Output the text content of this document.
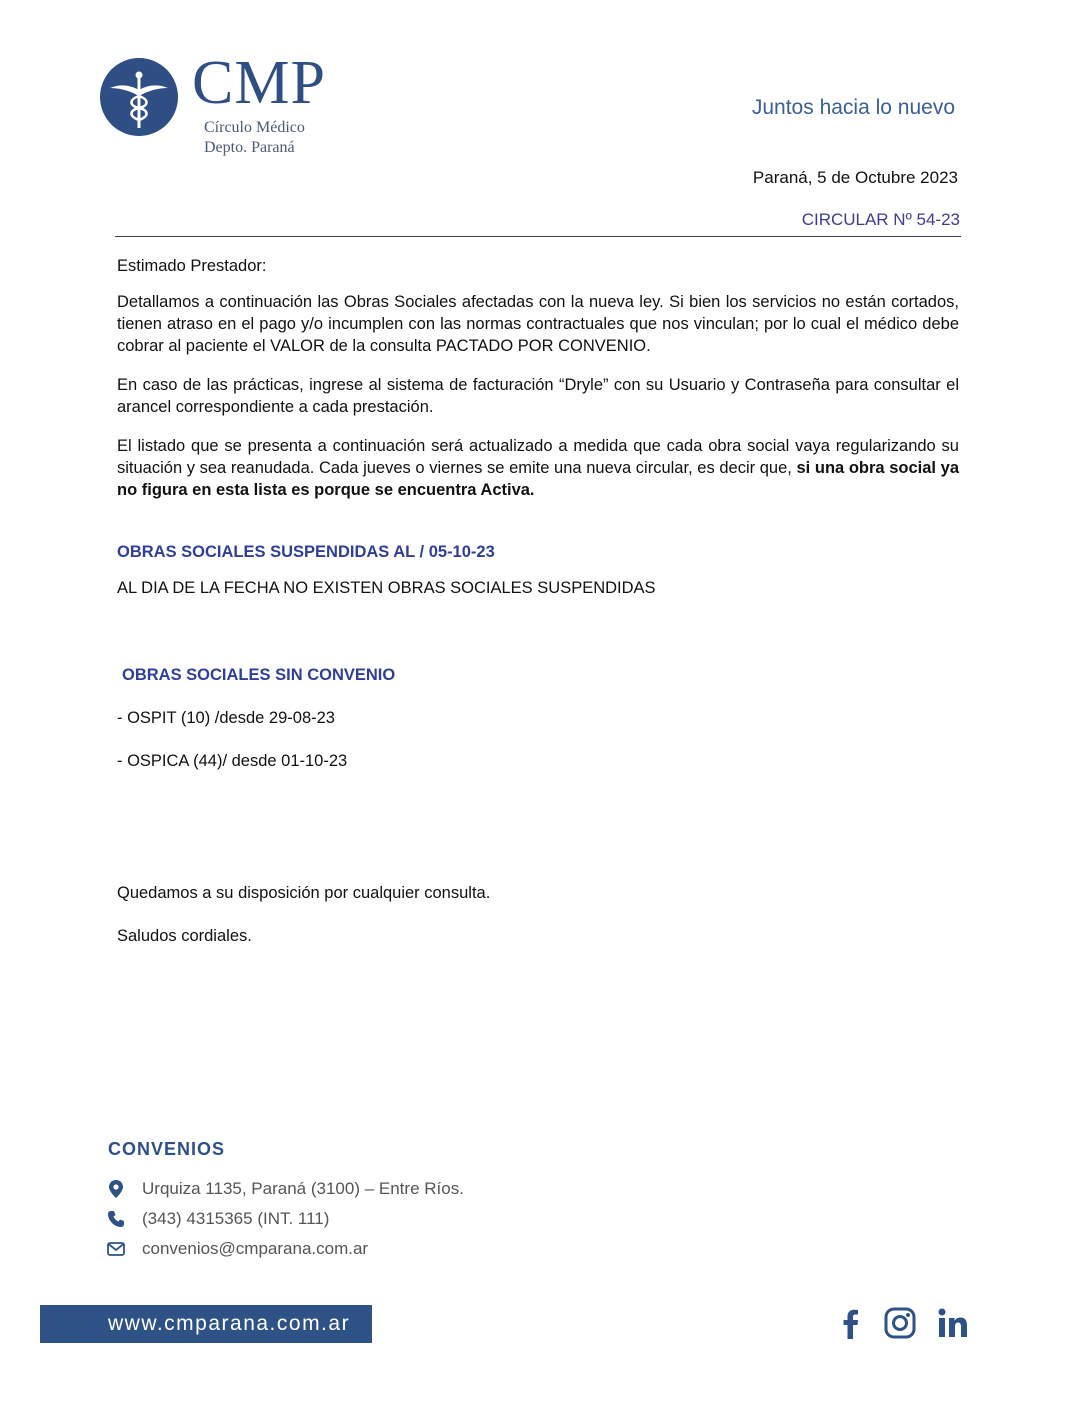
CMP
Círculo Médico
Depto. Paraná
Juntos hacia lo nuevo
Paraná, 5 de Octubre 2023
CIRCULAR Nº 54-23

Estimado Prestador:

Detallamos a continuación las Obras Sociales afectadas con la nueva ley. Si bien los servicios no están cortados, tienen atraso en el pago y/o incumplen con las normas contractuales que nos vinculan; por lo cual el médico debe cobrar al paciente el VALOR de la consulta PACTADO POR CONVENIO.

En caso de las prácticas, ingrese al sistema de facturación “Dryle” con su Usuario y Contraseña para consultar el arancel correspondiente a cada prestación.

El listado que se presenta a continuación será actualizado a medida que cada obra social vaya regularizando su situación y sea reanudada. Cada jueves o viernes se emite una nueva circular, es decir que, si una obra social ya no figura en esta lista es porque se encuentra Activa.

OBRAS SOCIALES SUSPENDIDAS AL / 05-10-23
AL DIA DE LA FECHA NO EXISTEN OBRAS SOCIALES SUSPENDIDAS
OBRAS SOCIALES SIN CONVENIO
- OSPIT (10) /desde 29-08-23
- OSPICA (44)/ desde 01-10-23
Quedamos a su disposición por cualquier consulta.
Saludos cordiales.
CONVENIOS
Urquiza 1135, Paraná (3100) – Entre Ríos.
(343) 4315365 (INT. 111)
convenios@cmparana.com.ar
www.cmparana.com.ar
